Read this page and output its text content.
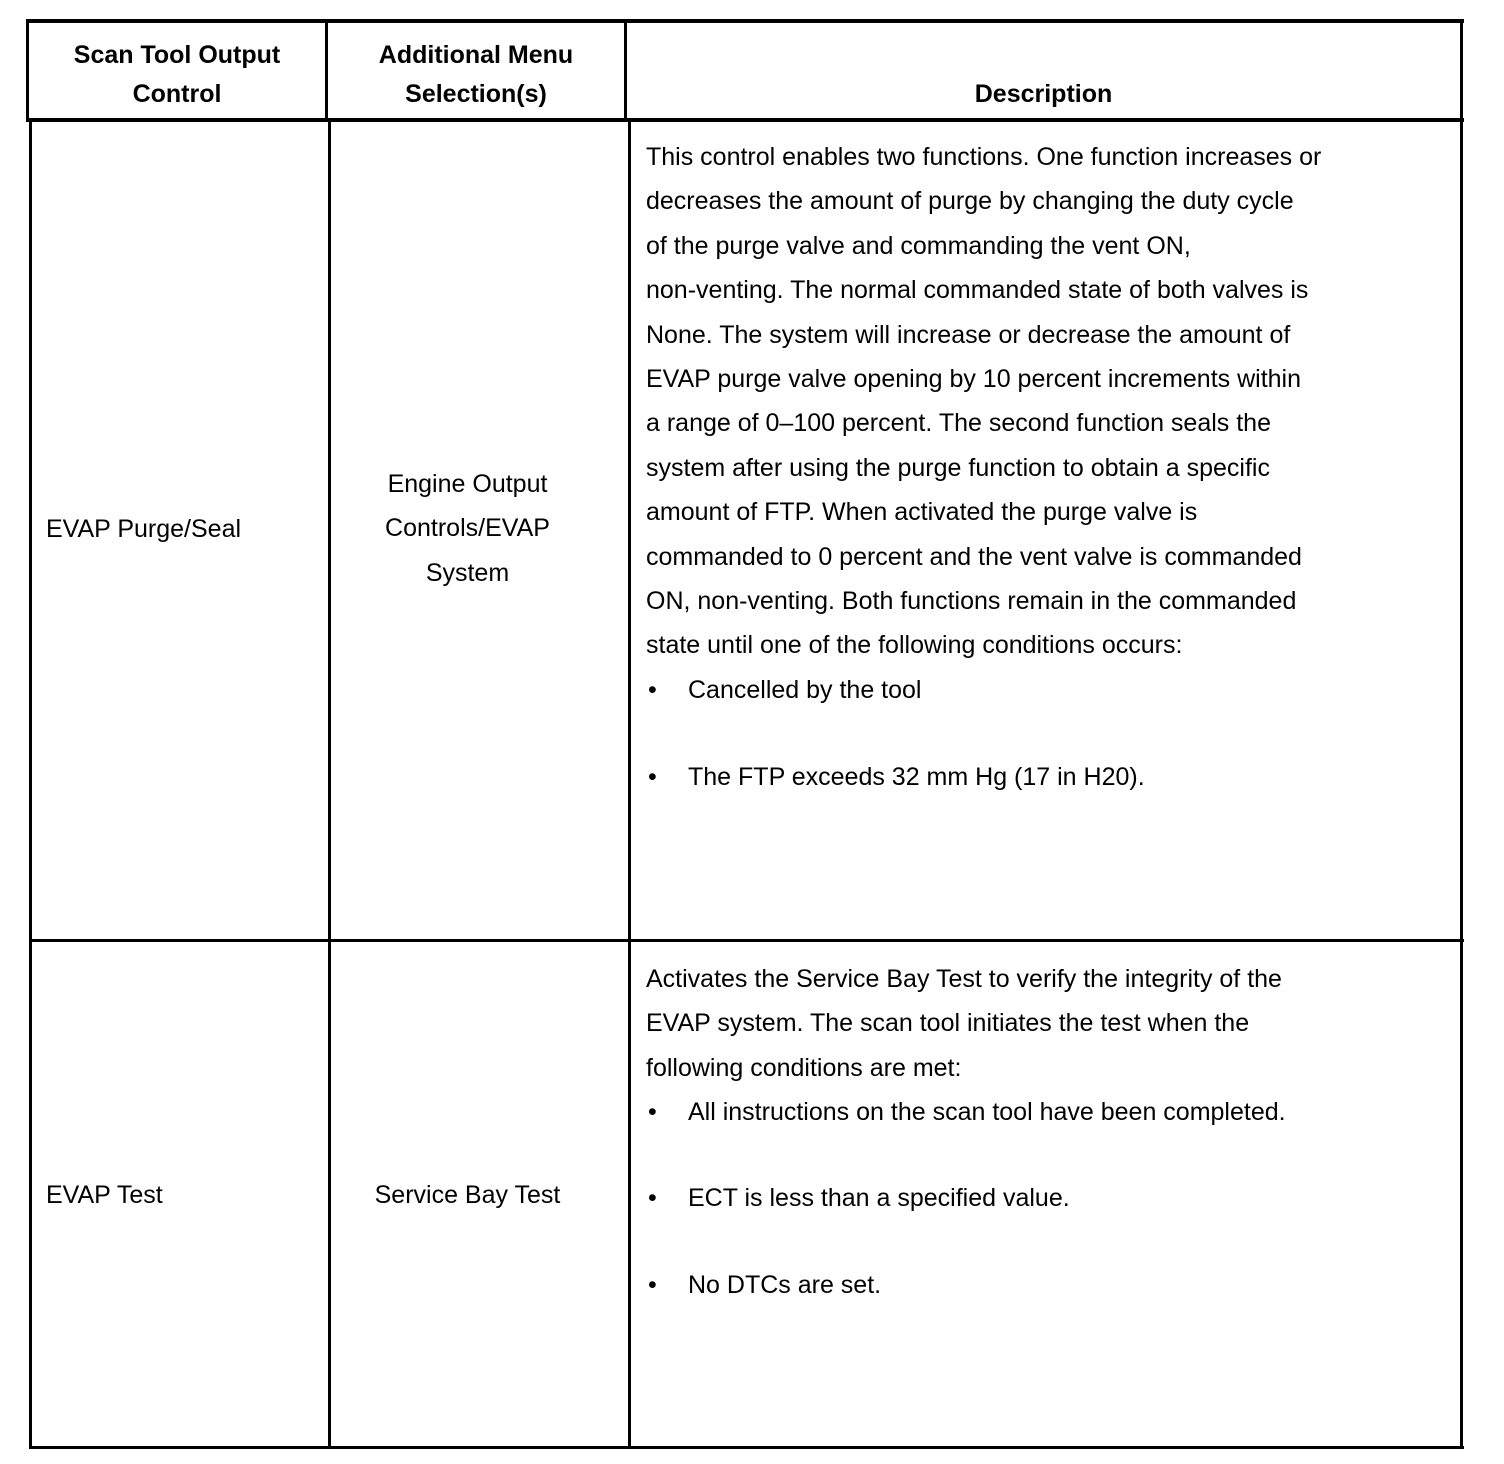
Scan Tool Output
Control
Additional Menu
Selection(s)	Description
EVAP Purge/Seal
Engine Output
Controls/EVAP
System
This control enables two functions. One function increases or
decreases the amount of purge by changing the duty cycle
of the purge valve and commanding the vent ON,
non-venting. The normal commanded state of both valves is
None. The system will increase or decrease the amount of
EVAP purge valve opening by 10 percent increments within
a range of 0–100 percent. The second function seals the
system after using the purge function to obtain a specific
amount of FTP. When activated the purge valve is
commanded to 0 percent and the vent valve is commanded
ON, non-venting. Both functions remain in the commanded
state until one of the following conditions occurs:
• Cancelled by the tool
• The FTP exceeds 32 mm Hg (17 in H20).
EVAP Test	Service Bay Test
Activates the Service Bay Test to verify the integrity of the
EVAP system. The scan tool initiates the test when the
following conditions are met:
• All instructions on the scan tool have been completed.
• ECT is less than a specified value.
• No DTCs are set.
